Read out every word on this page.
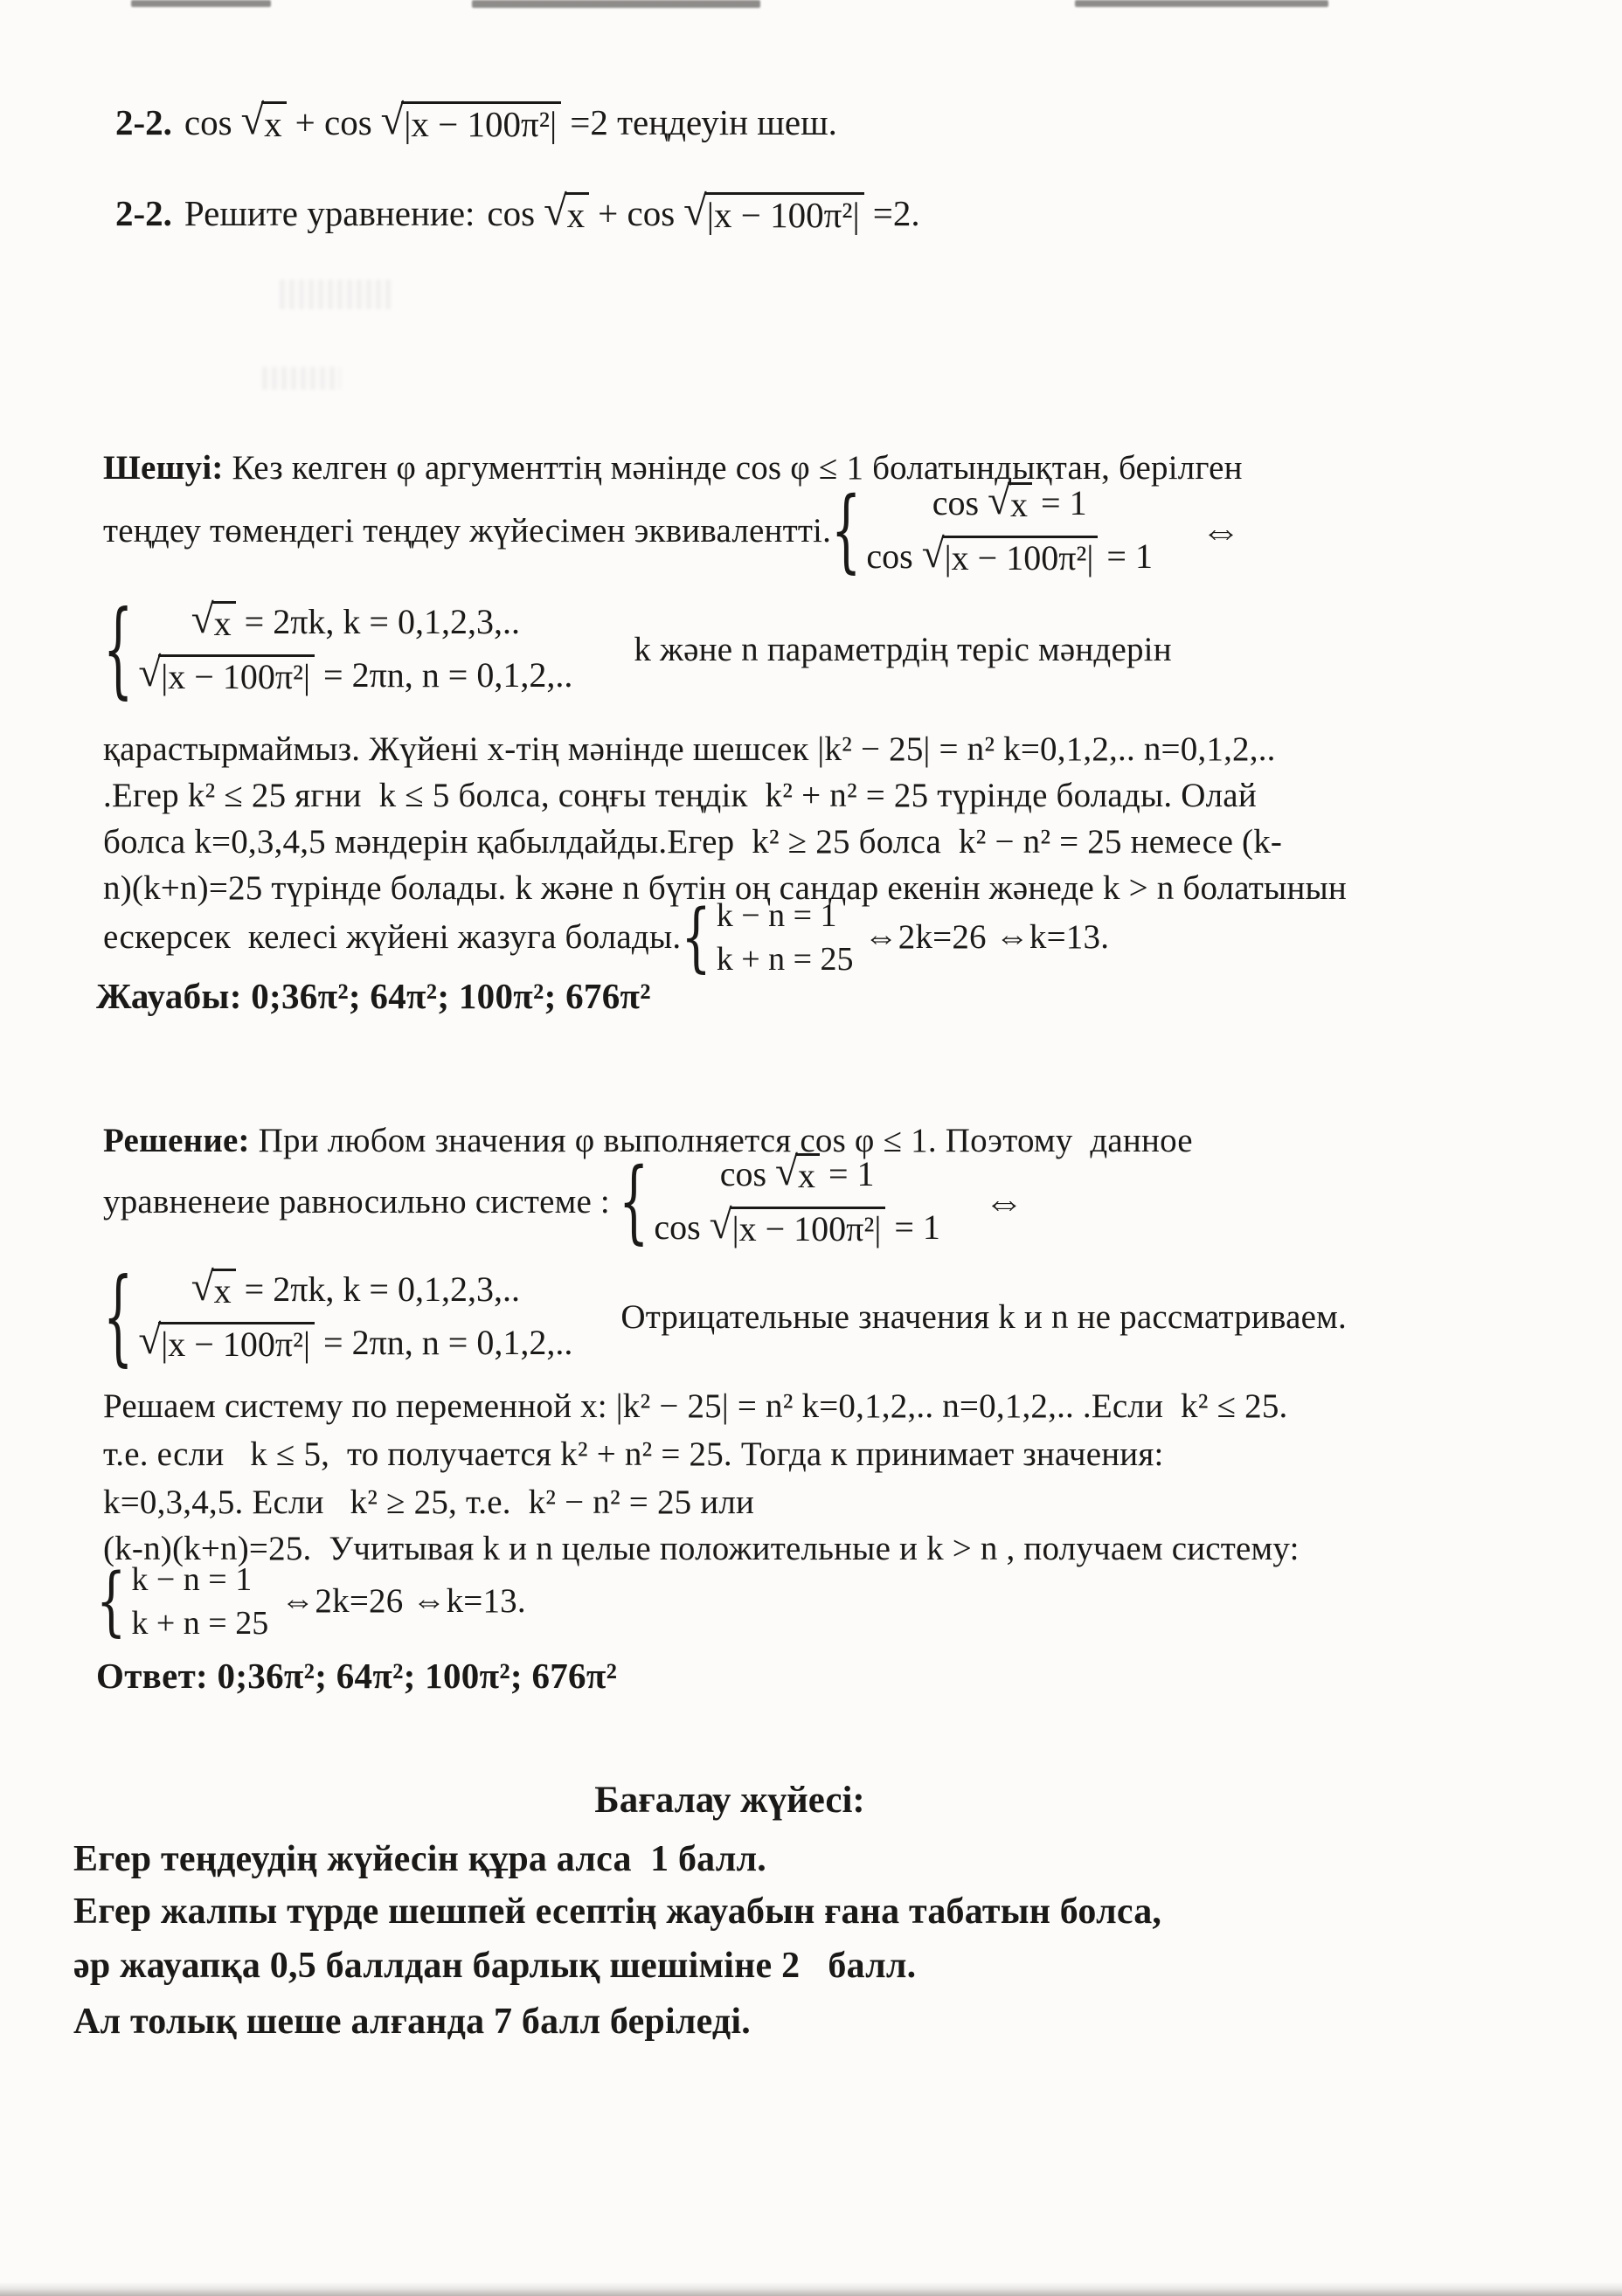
2-2. cos √ x + cos √ |x − 100π²| =2 теңдеуін шеш.
2-2. Решите уравнение: cos √ x + cos √ |x − 100π²| =2.
Шешуі: Кез келген φ аргументтің мәнінде cos φ ≤ 1 болатындықтан, берілген
теңдеу төмендегі теңдеу жүйесімен эквивалентті. { cos √ x = 1
cos √ |x − 100π²| = 1
⇔
{ √ x = 2πk, k = 0,1,2,3,..
√ |x − 100π²| = 2πn, n = 0,1,2,..
k және n параметрдің теріс мәндерін
қарастырмаймыз. Жүйені x-тің мәнінде шешсек |k² − 25| = n² k=0,1,2,.. n=0,1,2,..
.Егер k² ≤ 25 ягни  k ≤ 5 болса, соңғы теңдік  k² + n² = 25 түрінде болады. Олай
болса k=0,3,4,5 мәндерін қабылдайды.Егер  k² ≥ 25 болса  k² − n² = 25 немесе (k-
n)(k+n)=25 түрінде болады. k және n бүтін оң сандар екенін жәнеде k > n болатынын
ескерсек  келесі жүйені жазуга болады. { k − n = 1
k + n = 25
⇔2k=26 ⇔k=13.
Жауабы: 0;36π²; 64π²; 100π²; 676π²
Решение: При любом значения φ выполняется cos φ ≤ 1. Поэтому  данное
уравненеие равносильно системе : { cos √ x = 1
cos √ |x − 100π²| = 1
⇔
{ √ x = 2πk, k = 0,1,2,3,..
√ |x − 100π²| = 2πn, n = 0,1,2,..
Отрицательные значения k и n не рассматриваем.
Решаем систему по переменной x: |k² − 25| = n² k=0,1,2,.. n=0,1,2,.. .Если  k² ≤ 25.
т.е. если   k ≤ 5,  то получается k² + n² = 25. Тогда к принимает значения:
k=0,3,4,5. Если   k² ≥ 25, т.е.  k² − n² = 25 или
(k-n)(k+n)=25.  Учитывая k и n целые положительные и k > n , получаем систему:
{ k − n = 1
k + n = 25
⇔2k=26 ⇔k=13.
Ответ: 0;36π²; 64π²; 100π²; 676π²
Бағалау жүйесі:
Егер теңдеудің жүйесін құра алса  1 балл.
Егер жалпы түрде шешпей есептің жауабын ғана табатын болса,
әр жауапқа 0,5 баллдан барлық шешіміне 2   балл.
Ал толық шеше алғанда 7 балл беріледі.
